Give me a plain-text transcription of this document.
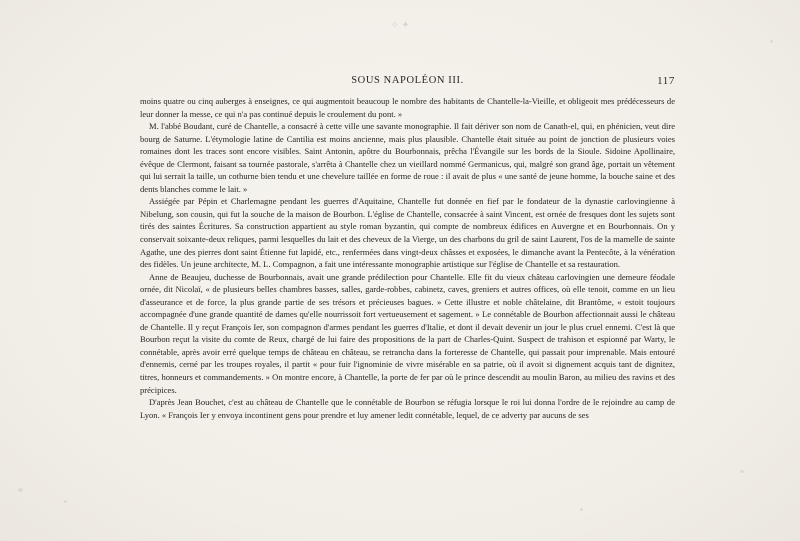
✧ ✦
SOUS NAPOLÉON III.	117

moins quatre ou cinq auberges à enseignes, ce qui augmentoit beaucoup le nombre des habitants de Chantelle-la-Vieille, et obligeoit mes prédécesseurs de leur donner la messe, ce qui n'a pas continué depuis le croulement du pont. »

M. l'abbé Boudant, curé de Chantelle, a consacré à cette ville une savante monographie. Il fait dériver son nom de Canath-el, qui, en phénicien, veut dire bourg de Saturne. L'étymologie latine de Cantilia est moins ancienne, mais plus plausible. Chantelle était située au point de jonction de plusieurs voies romaines dont les traces sont encore visibles. Saint Antonin, apôtre du Bourbonnais, prêcha l'Évangile sur les bords de la Sioule. Sidoine Apollinaire, évêque de Clermont, faisant sa tournée pastorale, s'arrêta à Chantelle chez un vieillard nommé Germanicus, qui, malgré son grand âge, portait un vêtement qui lui serrait la taille, un cothurne bien tendu et une chevelure taillée en forme de roue : il avait de plus « une santé de jeune homme, la bouche saine et des dents blanches comme le lait. »

Assiégée par Pépin et Charlemagne pendant les guerres d'Aquitaine, Chantelle fut donnée en fief par le fondateur de la dynastie carlovingienne à Nibelung, son cousin, qui fut la souche de la maison de Bourbon. L'église de Chantelle, consacrée à saint Vincent, est ornée de fresques dont les sujets sont tirés des saintes Écritures. Sa construction appartient au style roman byzantin, qui compte de nombreux édifices en Auvergne et en Bourbonnais. On y conservait soixante-deux reliques, parmi lesquelles du lait et des cheveux de la Vierge, un des charbons du gril de saint Laurent, l'os de la mamelle de sainte Agathe, une des pierres dont saint Étienne fut lapidé, etc., renfermées dans vingt-deux châsses et exposées, le dimanche avant la Pentecôte, à la vénération des fidèles. Un jeune architecte, M. L. Compagnon, a fait une intéressante monographie artistique sur l'église de Chantelle et sa restauration.

Anne de Beaujeu, duchesse de Bourbonnais, avait une grande prédilection pour Chantelle. Elle fit du vieux château carlovingien une demeure féodale ornée, dit Nicolaï, « de plusieurs belles chambres basses, salles, garde-robbes, cabinetz, caves, greniers et autres offices, où elle tenoit, comme en un lieu d'asseurance et de force, la plus grande partie de ses trésors et précieuses bagues. » Cette illustre et noble châtelaine, dit Brantôme, « estoit toujours accompagnée d'une grande quantité de dames qu'elle nourrissoit fort vertueusement et sagement. » Le connétable de Bourbon affectionnait aussi le château de Chantelle. Il y reçut François Ier, son compagnon d'armes pendant les guerres d'Italie, et dont il devait devenir un jour le plus cruel ennemi. C'est là que Bourbon reçut la visite du comte de Reux, chargé de lui faire des propositions de la part de Charles-Quint. Suspect de trahison et espionné par Warty, le connétable, après avoir erré quelque temps de château en château, se retrancha dans la forteresse de Chantelle, qui passait pour imprenable. Mais entouré d'ennemis, cerné par les troupes royales, il partit « pour fuir l'ignominie de vivre misérable en sa patrie, où il avoit si dignement acquis tant de dignitez, titres, honneurs et commandements. » On montre encore, à Chantelle, la porte de fer par où le prince descendit au moulin Baron, au milieu des ravins et des précipices.

D'après Jean Bouchet, c'est au château de Chantelle que le connétable de Bourbon se réfugia lorsque le roi lui donna l'ordre de le rejoindre au camp de Lyon. « François Ier y envoya incontinent gens pour prendre et luy amener ledit connétable, lequel, de ce adverty par aucuns de ses
